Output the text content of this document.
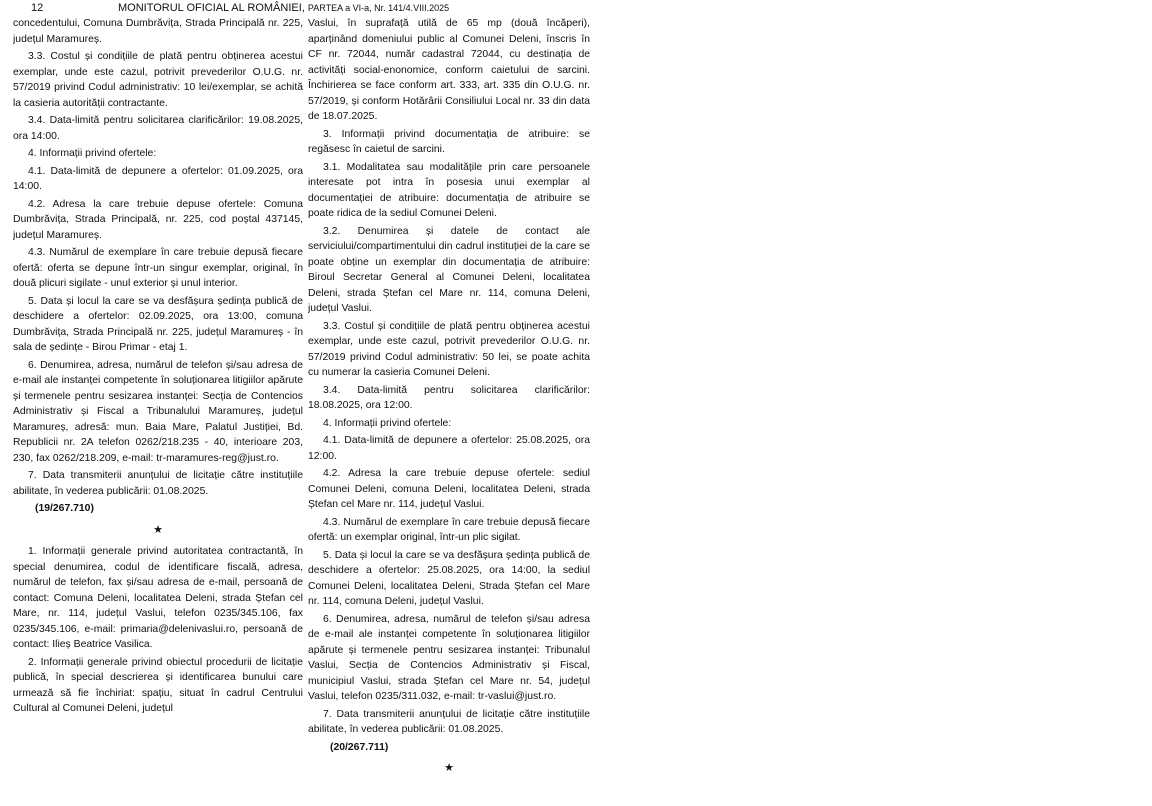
12	MONITORUL OFICIAL AL ROMÂNIEI, PARTEA a VI-a, Nr. 141/4.VIII.2025

concedentului, Comuna Dumbrăvița, Strada Principală nr. 225, județul Maramureș.

3.3. Costul și condițiile de plată pentru obținerea acestui exemplar, unde este cazul, potrivit prevederilor O.U.G. nr. 57/2019 privind Codul administrativ: 10 lei/exemplar, se achită la casieria autorității contractante.

3.4. Data-limită pentru solicitarea clarificărilor: 19.08.2025, ora 14:00.

4. Informații privind ofertele:

4.1. Data-limită de depunere a ofertelor: 01.09.2025, ora 14:00.

4.2. Adresa la care trebuie depuse ofertele: Comuna Dumbrăvița, Strada Principală, nr. 225, cod poștal 437145, județul Maramureș.

4.3. Numărul de exemplare în care trebuie depusă fiecare ofertă: oferta se depune într-un singur exemplar, original, în două plicuri sigilate - unul exterior și unul interior.

5. Data și locul la care se va desfășura ședința publică de deschidere a ofertelor: 02.09.2025, ora 13:00, comuna Dumbrăvița, Strada Principală nr. 225, județul Maramureș - în sala de ședințe - Birou Primar - etaj 1.

6. Denumirea, adresa, numărul de telefon și/sau adresa de e-mail ale instanței competente în soluționarea litigiilor apărute și termenele pentru sesizarea instanței: Secția de Contencios Administrativ și Fiscal a Tribunalului Maramureș, județul Maramureș, adresă: mun. Baia Mare, Palatul Justiției, Bd. Republicii nr. 2A telefon 0262/218.235 - 40, interioare 203, 230, fax 0262/218.209, e-mail: tr-maramures-reg@just.ro.

7. Data transmiterii anunțului de licitație către instituțiile abilitate, în vederea publicării: 01.08.2025.

(19/267.710)

★

1. Informații generale privind autoritatea contractantă, în special denumirea, codul de identificare fiscală, adresa, numărul de telefon, fax și/sau adresa de e-mail, persoană de contact: Comuna Deleni, localitatea Deleni, strada Ștefan cel Mare, nr. 114, județul Vaslui, telefon 0235/345.106, fax 0235/345.106, e-mail: primaria@delenivaslui.ro, persoană de contact: Ilieș Beatrice Vasilica.

2. Informații generale privind obiectul procedurii de licitație publică, în special descrierea și identificarea bunului care urmează să fie închiriat: spațiu, situat în cadrul Centrului Cultural al Comunei Deleni, județul

Vaslui, în suprafață utilă de 65 mp (două încăperi), aparținând domeniului public al Comunei Deleni, înscris în CF nr. 72044, număr cadastral 72044, cu destinația de activități social-enonomice, conform caietului de sarcini. Închirierea se face conform art. 333, art. 335 din O.U.G. nr. 57/2019, și conform Hotărârii Consiliului Local nr. 33 din data de 18.07.2025.

3. Informații privind documentația de atribuire: se regăsesc în caietul de sarcini.

3.1. Modalitatea sau modalitățile prin care persoanele interesate pot intra în posesia unui exemplar al documentației de atribuire: documentația de atribuire se poate ridica de la sediul Comunei Deleni.

3.2. Denumirea și datele de contact ale serviciului/compartimentului din cadrul instituției de la care se poate obține un exemplar din documentația de atribuire: Biroul Secretar General al Comunei Deleni, localitatea Deleni, strada Ștefan cel Mare nr. 114, comuna Deleni, județul Vaslui.

3.3. Costul și condițiile de plată pentru obținerea acestui exemplar, unde este cazul, potrivit prevederilor O.U.G. nr. 57/2019 privind Codul administrativ: 50 lei, se poate achita cu numerar la casieria Comunei Deleni.

3.4. Data-limită pentru solicitarea clarificărilor: 18.08.2025, ora 12:00.

4. Informații privind ofertele:

4.1. Data-limită de depunere a ofertelor: 25.08.2025, ora 12:00.

4.2. Adresa la care trebuie depuse ofertele: sediul Comunei Deleni, comuna Deleni, localitatea Deleni, strada Ștefan cel Mare nr. 114, județul Vaslui.

4.3. Numărul de exemplare în care trebuie depusă fiecare ofertă: un exemplar original, într-un plic sigilat.

5. Data și locul la care se va desfășura ședința publică de deschidere a ofertelor: 25.08.2025, ora 14:00, la sediul Comunei Deleni, localitatea Deleni, Strada Ștefan cel Mare nr. 114, comuna Deleni, județul Vaslui.

6. Denumirea, adresa, numărul de telefon și/sau adresa de e-mail ale instanței competente în soluționarea litigiilor apărute și termenele pentru sesizarea instanței: Tribunalul Vaslui, Secția de Contencios Administrativ și Fiscal, municipiul Vaslui, strada Ștefan cel Mare nr. 54, județul Vaslui, telefon 0235/311.032, e-mail: tr-vaslui@just.ro.

7. Data transmiterii anunțului de licitație către instituțiile abilitate, în vederea publicării: 01.08.2025.

(20/267.711)

★
